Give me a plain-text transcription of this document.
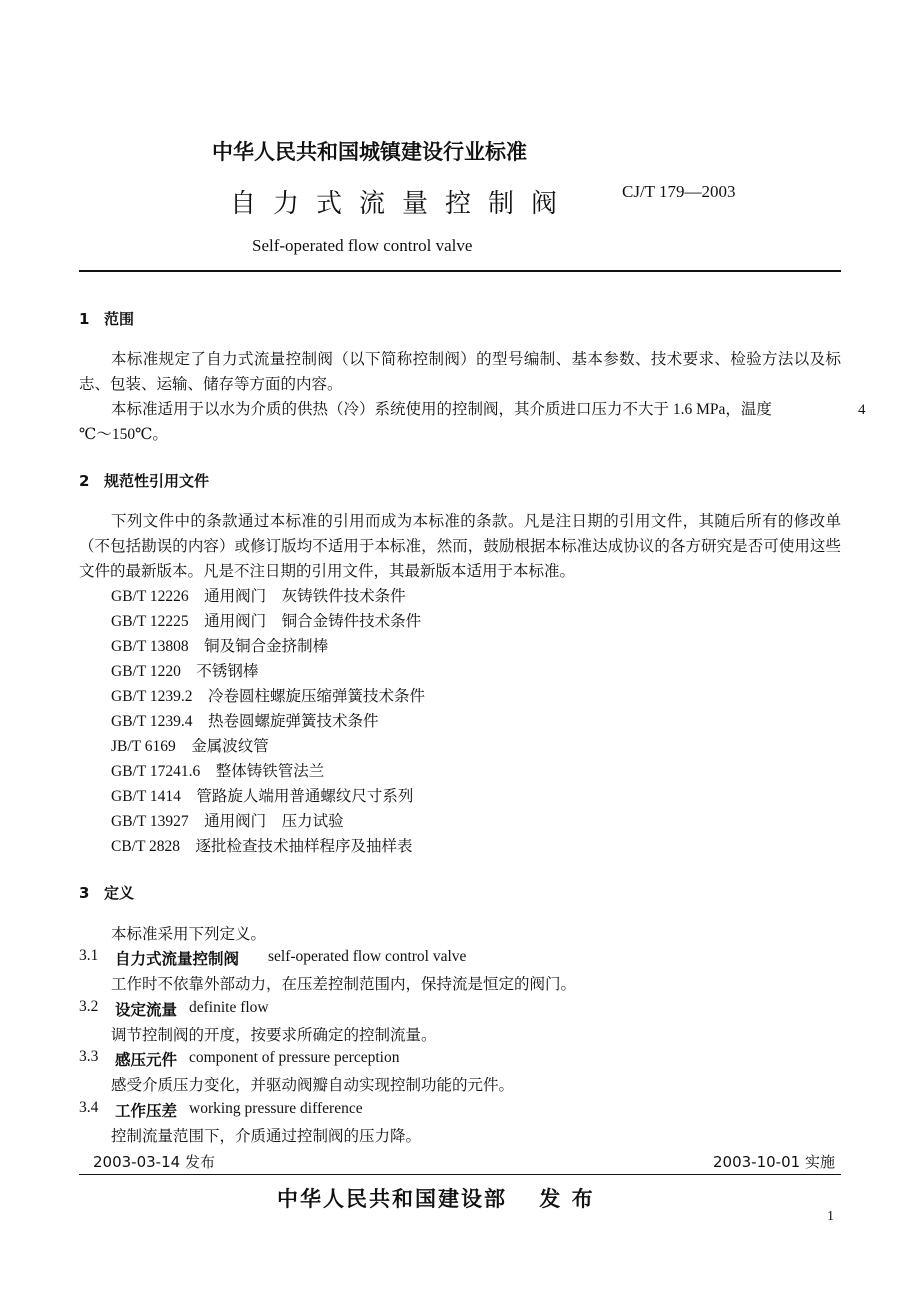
中华人民共和国城镇建设行业标准
自力式流量控制阀	CJ/T 179—2003
Self-operated flow control valve
1 范围

本标准规定了自力式流量控制阀（以下简称控制阀）的型号编制、基本参数、技术要求、检验方法以及标志、包装、运输、储存等方面的内容。

本标准适用于以水为介质的供热（冷）系统使用的控制阀，其介质进口压力不大于 1.6 MPa，温度

℃～150℃。

4
2 规范性引用文件

下列文件中的条款通过本标准的引用而成为本标准的条款。凡是注日期的引用文件，其随后所有的修改单（不包括勘误的内容）或修订版均不适用于本标准，然而，鼓励根据本标准达成协议的各方研究是否可使用这些文件的最新版本。凡是不注日期的引用文件，其最新版本适用于本标准。

GB/T 12226　通用阀门　灰铸铁件技术条件
GB/T 12225　通用阀门　铜合金铸件技术条件
GB/T 13808　铜及铜合金挤制棒
GB/T 1220　不锈钢棒
GB/T 1239.2　冷卷圆柱螺旋压缩弹簧技术条件
GB/T 1239.4　热卷圆螺旋弹簧技术条件
JB/T 6169　金属波纹管
GB/T 17241.6　整体铸铁管法兰
GB/T 1414　管路旋人端用普通螺纹尺寸系列
GB/T 13927　通用阀门　压力试验
CB/T 2828　逐批检查技术抽样程序及抽样表
3 定义
本标准采用下列定义。
3.1 自力式流量控制阀 self-operated flow control valve
工作时不依靠外部动力，在压差控制范围内，保持流是恒定的阀门。
3.2 设定流量 definite flow
调节控制阀的开度，按要求所确定的控制流量。
3.3 感压元件 component of pressure perception
感受介质压力变化，并驱动阀瓣自动实现控制功能的元件。
3.4 工作压差 working pressure difference
控制流量范围下，介质通过控制阀的压力降。
2003-03-14 发布	2003-10-01 实施
中华人民共和国建设部　 发 布
1
